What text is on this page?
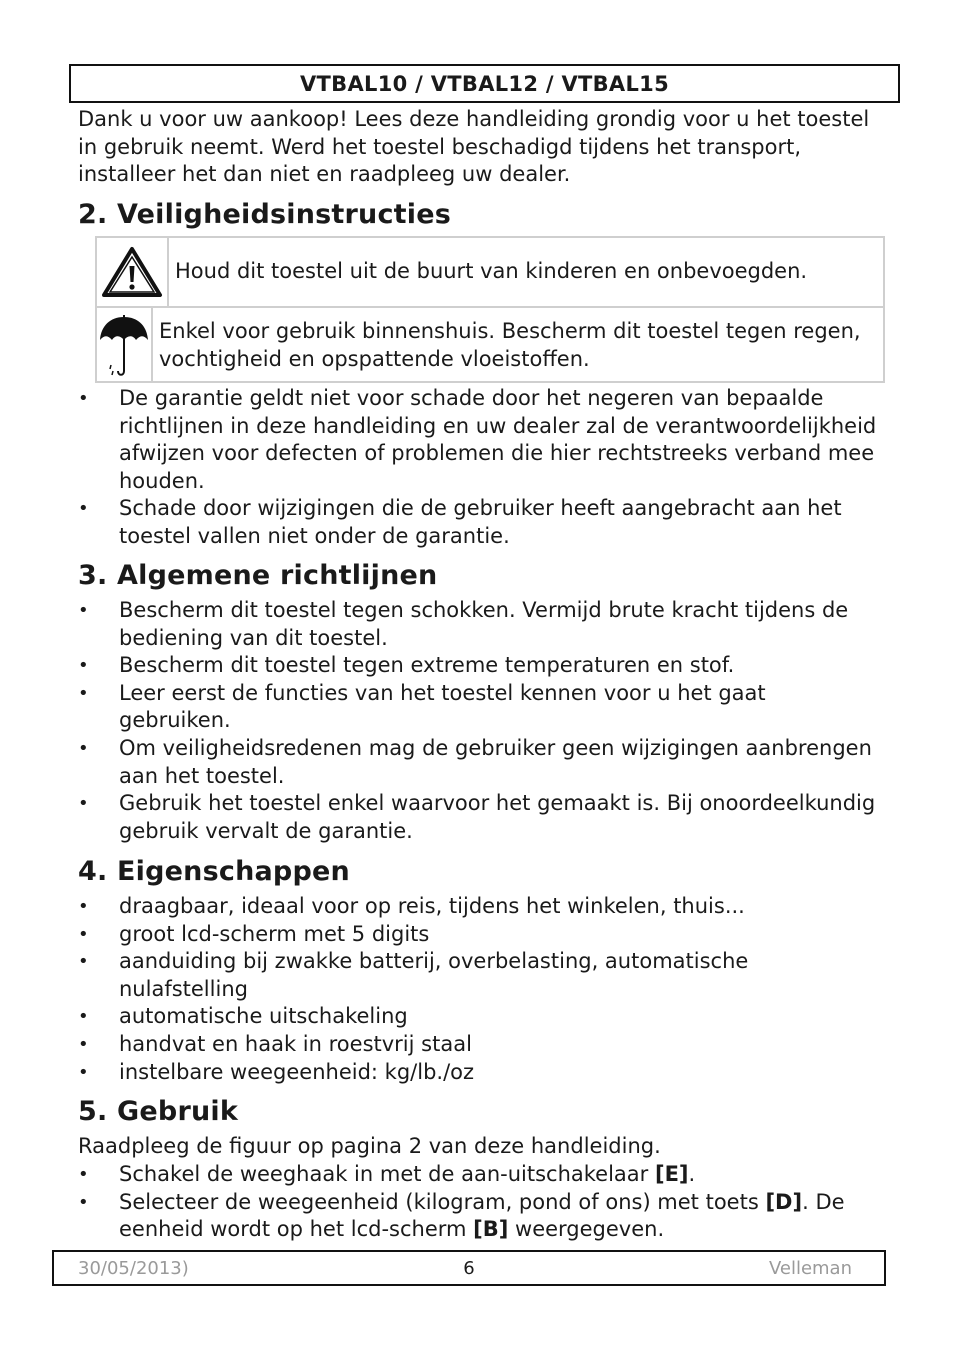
VTBAL10 / VTBAL12 / VTBAL15
Dank u voor uw aankoop! Lees deze handleiding grondig voor u het toestel in gebruik neemt. Werd het toestel beschadigd tijdens het transport, installeer het dan niet en raadpleeg uw dealer.
2. Veiligheidsinstructies
Houd dit toestel uit de buurt van kinderen en onbevoegden.
Enkel voor gebruik binnenshuis. Bescherm dit toestel tegen regen, vochtigheid en opspattende vloeistoffen.
• De garantie geldt niet voor schade door het negeren van bepaalde richtlijnen in deze handleiding en uw dealer zal de verantwoordelijkheid afwijzen voor defecten of problemen die hier rechtstreeks verband mee houden.
• Schade door wijzigingen die de gebruiker heeft aangebracht aan het toestel vallen niet onder de garantie.
3. Algemene richtlijnen
• Bescherm dit toestel tegen schokken. Vermijd brute kracht tijdens de bediening van dit toestel.
• Bescherm dit toestel tegen extreme temperaturen en stof.
• Leer eerst de functies van het toestel kennen voor u het gaat gebruiken.
• Om veiligheidsredenen mag de gebruiker geen wijzigingen aanbrengen aan het toestel.
• Gebruik het toestel enkel waarvoor het gemaakt is. Bij onoordeelkundig gebruik vervalt de garantie.
4. Eigenschappen
• draagbaar, ideaal voor op reis, tijdens het winkelen, thuis...
• groot lcd-scherm met 5 digits
• aanduiding bij zwakke batterij, overbelasting, automatische nulafstelling
• automatische uitschakeling
• handvat en haak in roestvrij staal
• instelbare weegeenheid: kg/lb./oz
5. Gebruik
Raadpleeg de figuur op pagina 2 van deze handleiding.
• Schakel de weeghaak in met de aan-uitschakelaar [E].
• Selecteer de weegeenheid (kilogram, pond of ons) met toets [D]. De eenheid wordt op het lcd-scherm [B] weergegeven.
30/05/2013)	6	Velleman
